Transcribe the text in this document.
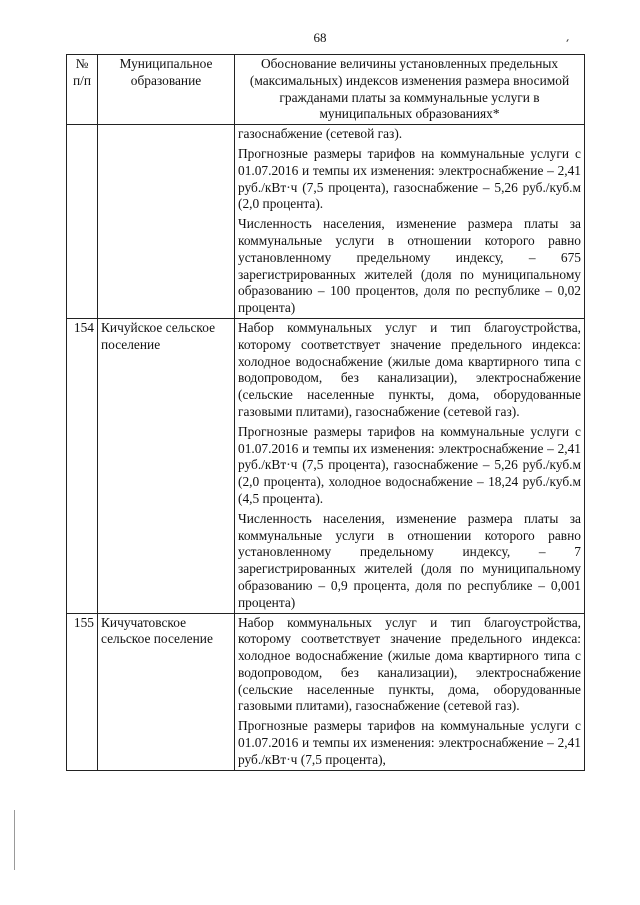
68
№ п/п	Муниципальное образование	Обоснование величины установленных предельных (максимальных) индексов изменения размера вносимой гражданами платы за коммунальные услуги в муниципальных образованиях*

		газоснабжение (сетевой газ).
Прогнозные размеры тарифов на коммунальные услуги с 01.07.2016 и темпы их изменения: электроснабжение – 2,41 руб./кВт·ч (7,5 процента), газоснабжение – 5,26 руб./куб.м (2,0 процента).
Численность населения, изменение размера платы за коммунальные услуги в отношении которого равно установленному предельному индексу, – 675 зарегистрированных жителей (доля по муниципальному образованию – 100 процентов, доля по республике – 0,02 процента)

154	Кичуйское сельское поселение	Набор коммунальных услуг и тип благоустройства, которому соответствует значение предельного индекса: холодное водоснабжение (жилые дома квартирного типа с водопроводом, без канализации), электроснабжение (сельские населенные пункты, дома, оборудованные газовыми плитами), газоснабжение (сетевой газ).
Прогнозные размеры тарифов на коммунальные услуги с 01.07.2016 и темпы их изменения: электроснабжение – 2,41 руб./кВт·ч (7,5 процента), газоснабжение – 5,26 руб./куб.м (2,0 процента), холодное водоснабжение – 18,24 руб./куб.м (4,5 процента).
Численность населения, изменение размера платы за коммунальные услуги в отношении которого равно установленному предельному индексу, – 7 зарегистрированных жителей (доля по муниципальному образованию – 0,9 процента, доля по республике – 0,001 процента)

155	Кичучатовское сельское поселение	Набор коммунальных услуг и тип благоустройства, которому соответствует значение предельного индекса: холодное водоснабжение (жилые дома квартирного типа с водопроводом, без канализации), электроснабжение (сельские населенные пункты, дома, оборудованные газовыми плитами), газоснабжение (сетевой газ).
Прогнозные размеры тарифов на коммунальные услуги с 01.07.2016 и темпы их изменения: электроснабжение – 2,41 руб./кВт·ч (7,5 процента),
